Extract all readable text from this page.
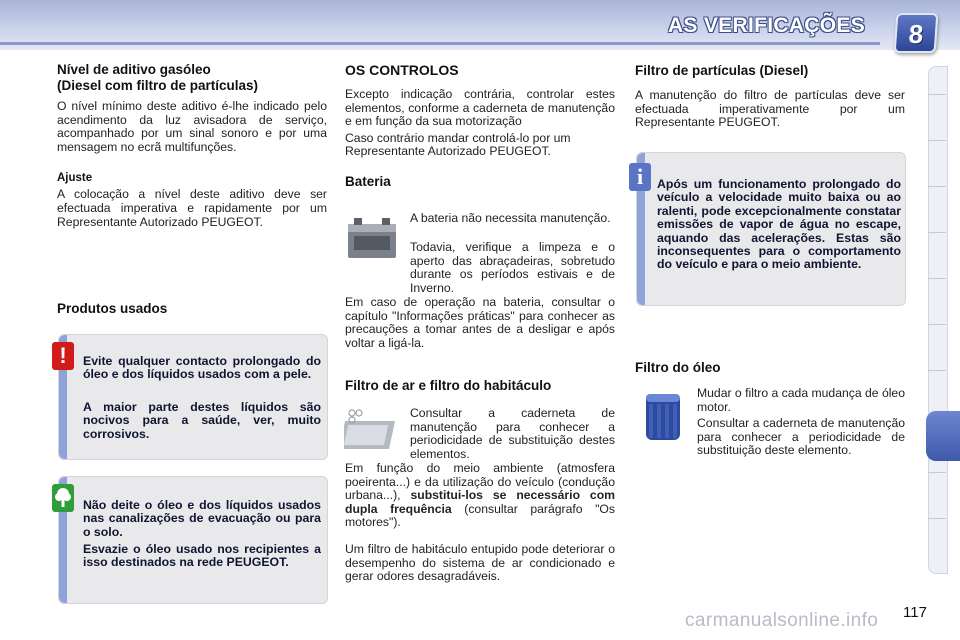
AS VERIFICAÇÕES	8
Nível de aditivo gasóleo
(Diesel com filtro de partículas)
O nível mínimo deste aditivo é-lhe indicado pelo acendimento da luz avisadora de serviço, acompanhado por um sinal sonoro e por uma mensagem no ecrã multifunções.
Ajuste
A colocação a nível deste aditivo deve ser efectuada imperativa e rapidamente por um Representante Autorizado PEUGEOT.
Produtos usados
Evite qualquer contacto prolongado do óleo e dos líquidos usados com a pele.
A maior parte destes líquidos são nocivos para a saúde, ver, muito corrosivos.
!
Não deite o óleo e dos líquidos usados nas canalizações de evacuação ou para o solo.
Esvazie o óleo usado nos recipientes a isso destinados na rede PEUGEOT.
OS CONTROLOS
Excepto indicação contrária, controlar estes elementos, conforme a caderneta de manutenção e em função da sua motorização
Caso contrário mandar controlá-lo por um Representante Autorizado PEUGEOT.
Bateria
A bateria não necessita manutenção.
Todavia, verifique a limpeza e o aperto das abraçadeiras, sobretudo durante os períodos estivais e de Inverno.
Em caso de operação na bateria, consultar o capítulo "Informações práticas" para conhecer as precauções a tomar antes de a desligar e após voltar a ligá-la.
Filtro de ar e filtro do habitáculo
Consultar a caderneta de manutenção para conhecer a periodicidade de substituição destes elementos.
Em função do meio ambiente (atmosfera poeirenta...) e da utilização do veículo (condução urbana...), substitui-los se necessário com dupla frequência (consultar parágrafo "Os motores").
Um filtro de habitáculo entupido pode deteriorar o desempenho do sistema de ar condicionado e gerar odores desagradáveis.
Filtro de partículas (Diesel)
A manutenção do filtro de partículas deve ser efectuada imperativamente por um Representante PEUGEOT.
Após um funcionamento prolongado do veículo a velocidade muito baixa ou ao ralenti, pode excepcionalmente constatar emissões de vapor de água no escape, aquando das acelerações. Estas são inconsequentes para o comportamento do veículo e para o meio ambiente.
i
Filtro do óleo
Mudar o filtro a cada mudança de óleo motor.
Consultar a caderneta de manutenção para conhecer a periodicidade de substituição deste elemento.
carmanualsonline.info 117
